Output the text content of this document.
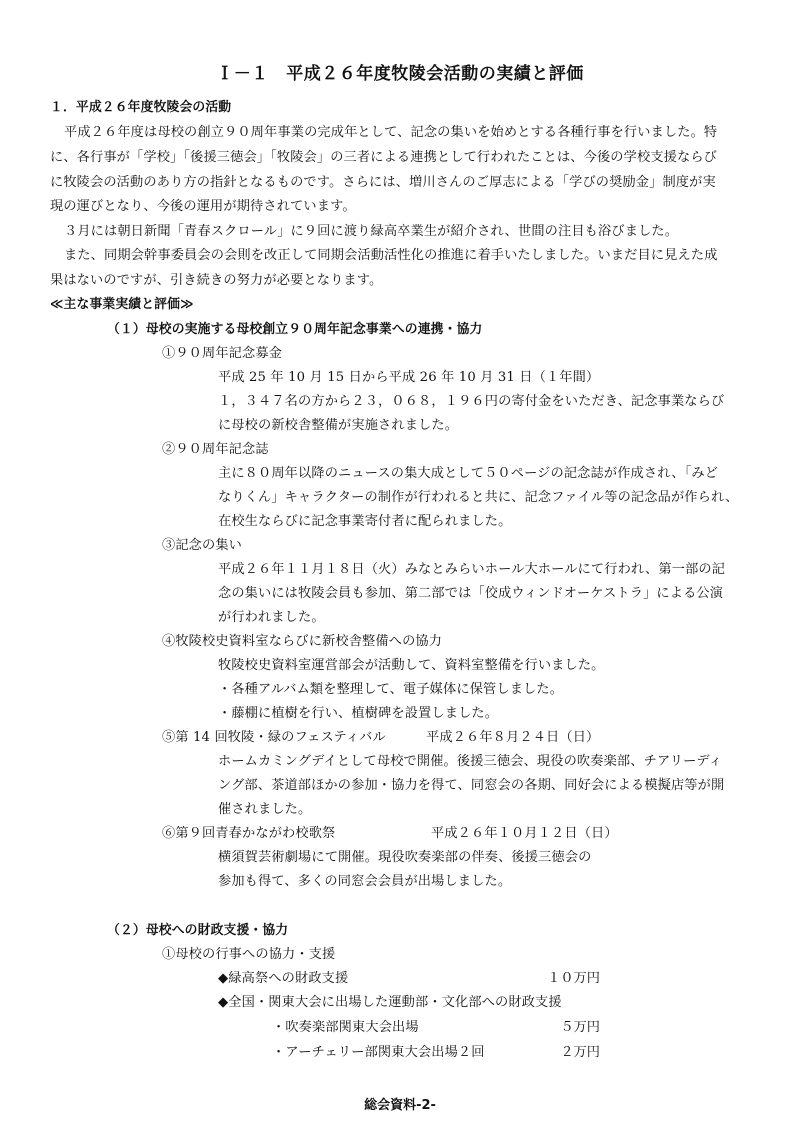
Ｉ－１　平成２６年度牧陵会活動の実績と評価
１．平成２６年度牧陵会の活動
平成２６年度は母校の創立９０周年事業の完成年として、記念の集いを始めとする各種行事を行いました。特
に、各行事が「学校」「後援三徳会」「牧陵会」の三者による連携として行われたことは、今後の学校支援ならび
に牧陵会の活動のあり方の指針となるものです。さらには、増川さんのご厚志による「学びの奨励金」制度が実
現の運びとなり、今後の運用が期待されています。
３月には朝日新聞「青春スクロール」に９回に渡り緑高卒業生が紹介され、世間の注目も浴びました。
また、同期会幹事委員会の会則を改正して同期会活動活性化の推進に着手いたしました。いまだ目に見えた成
果はないのですが、引き続きの努力が必要となります。
≪主な事業実績と評価≫
（１）母校の実施する母校創立９０周年記念事業への連携・協力
①９０周年記念募金
平成 25 年 10 月 15 日から平成 26 年 10 月 31 日（１年間）
１，３４７名の方から２３，０６８，１９６円の寄付金をいただき、記念事業ならび
に母校の新校舎整備が実施されました。
②９０周年記念誌
主に８０周年以降のニュースの集大成として５０ページの記念誌が作成され、「みど
なりくん」キャラクターの制作が行われると共に、記念ファイル等の記念品が作られ、
在校生ならびに記念事業寄付者に配られました。
③記念の集い
平成２６年１１月１８日（火）みなとみらいホール大ホールにて行われ、第一部の記
念の集いには牧陵会員も参加、第二部では「佼成ウィンドオーケストラ」による公演
が行われました。
④牧陵校史資料室ならびに新校舎整備への協力
牧陵校史資料室運営部会が活動して、資料室整備を行いました。
・各種アルバム類を整理して、電子媒体に保管しました。
・藤棚に植樹を行い、植樹碑を設置しました。
⑤第 14 回牧陵・緑のフェスティバル	平成２６年８月２４日（日）
ホームカミングデイとして母校で開催。後援三徳会、現役の吹奏楽部、チアリーディ
ング部、茶道部ほかの参加・協力を得て、同窓会の各期、同好会による模擬店等が開
催されました。
⑥第９回青春かながわ校歌祭	平成２６年１０月１２日（日）
横須賀芸術劇場にて開催。現役吹奏楽部の伴奏、後援三徳会の
参加も得て、多くの同窓会会員が出場しました。
（２）母校への財政支援・協力
①母校の行事への協力・支援
◆緑高祭への財政支援	１０万円
◆全国・関東大会に出場した運動部・文化部への財政支援
・吹奏楽部関東大会出場	５万円
・アーチェリー部関東大会出場２回	２万円
総会資料-2-
